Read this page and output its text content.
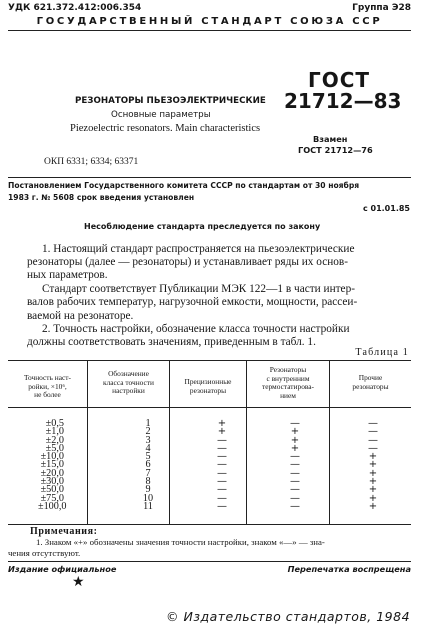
УДК 621.372.412:006.354	Группа Э28
ГОСУДАРСТВЕННЫЙ СТАНДАРТ СОЮЗА ССР
РЕЗОНАТОРЫ ПЬЕЗОЭЛЕКТРИЧЕСКИЕ
Основные параметры
Piezoelectric resonators. Main characteristics
ГОСТ
21712—83
Взамен
ГОСТ 21712—76
ОКП 6331; 6334; 63371
Постановлением Государственного комитета СССР по стандартам от 30 ноября
1983 г. № 5608 срок введения установлен
с 01.01.85
Несоблюдение стандарта преследуется по закону
1. Настоящий стандарт распространяется на пьезоэлектрические
резонаторы (далее — резонаторы) и устанавливает ряды их основ-
ных параметров.
Стандарт соответствует Публикации МЭК 122—1 в части интер-
валов рабочих температур, нагрузочной емкости, мощности, рассеи-
ваемой на резонаторе.
2. Точность настройки, обозначение класса точности настройки
должны соответствовать значениям, приведенным в табл. 1.
Таблица 1
Точность наст-
ройки, ×10⁶,
не более
Обозначение
класса точности
настройки
Прецизионные
резонаторы
Резонаторы
с внутренним
термостатирова-
нием
Прочие
резонаторы
±0,5
±1,0
±2,0
±5,0
±10,0
±15,0
±20,0
±30,0
±50,0
±75,0
±100,0
1
2
3
4
5
6
7
8
9
10
11
+
+
—
—
—
—
—
—
—
—
—
—
+
+
+
—
—
—
—
—
—
—
—
—
—
—
+
+
+
+
+
+
+
Примечания:
1. Знаком «+» обозначены значения точности настройки, знаком «—» — зна-
чения отсутствуют.
Издание официальное	Перепечатка воспрещена
★
© Издательство стандартов, 1984
